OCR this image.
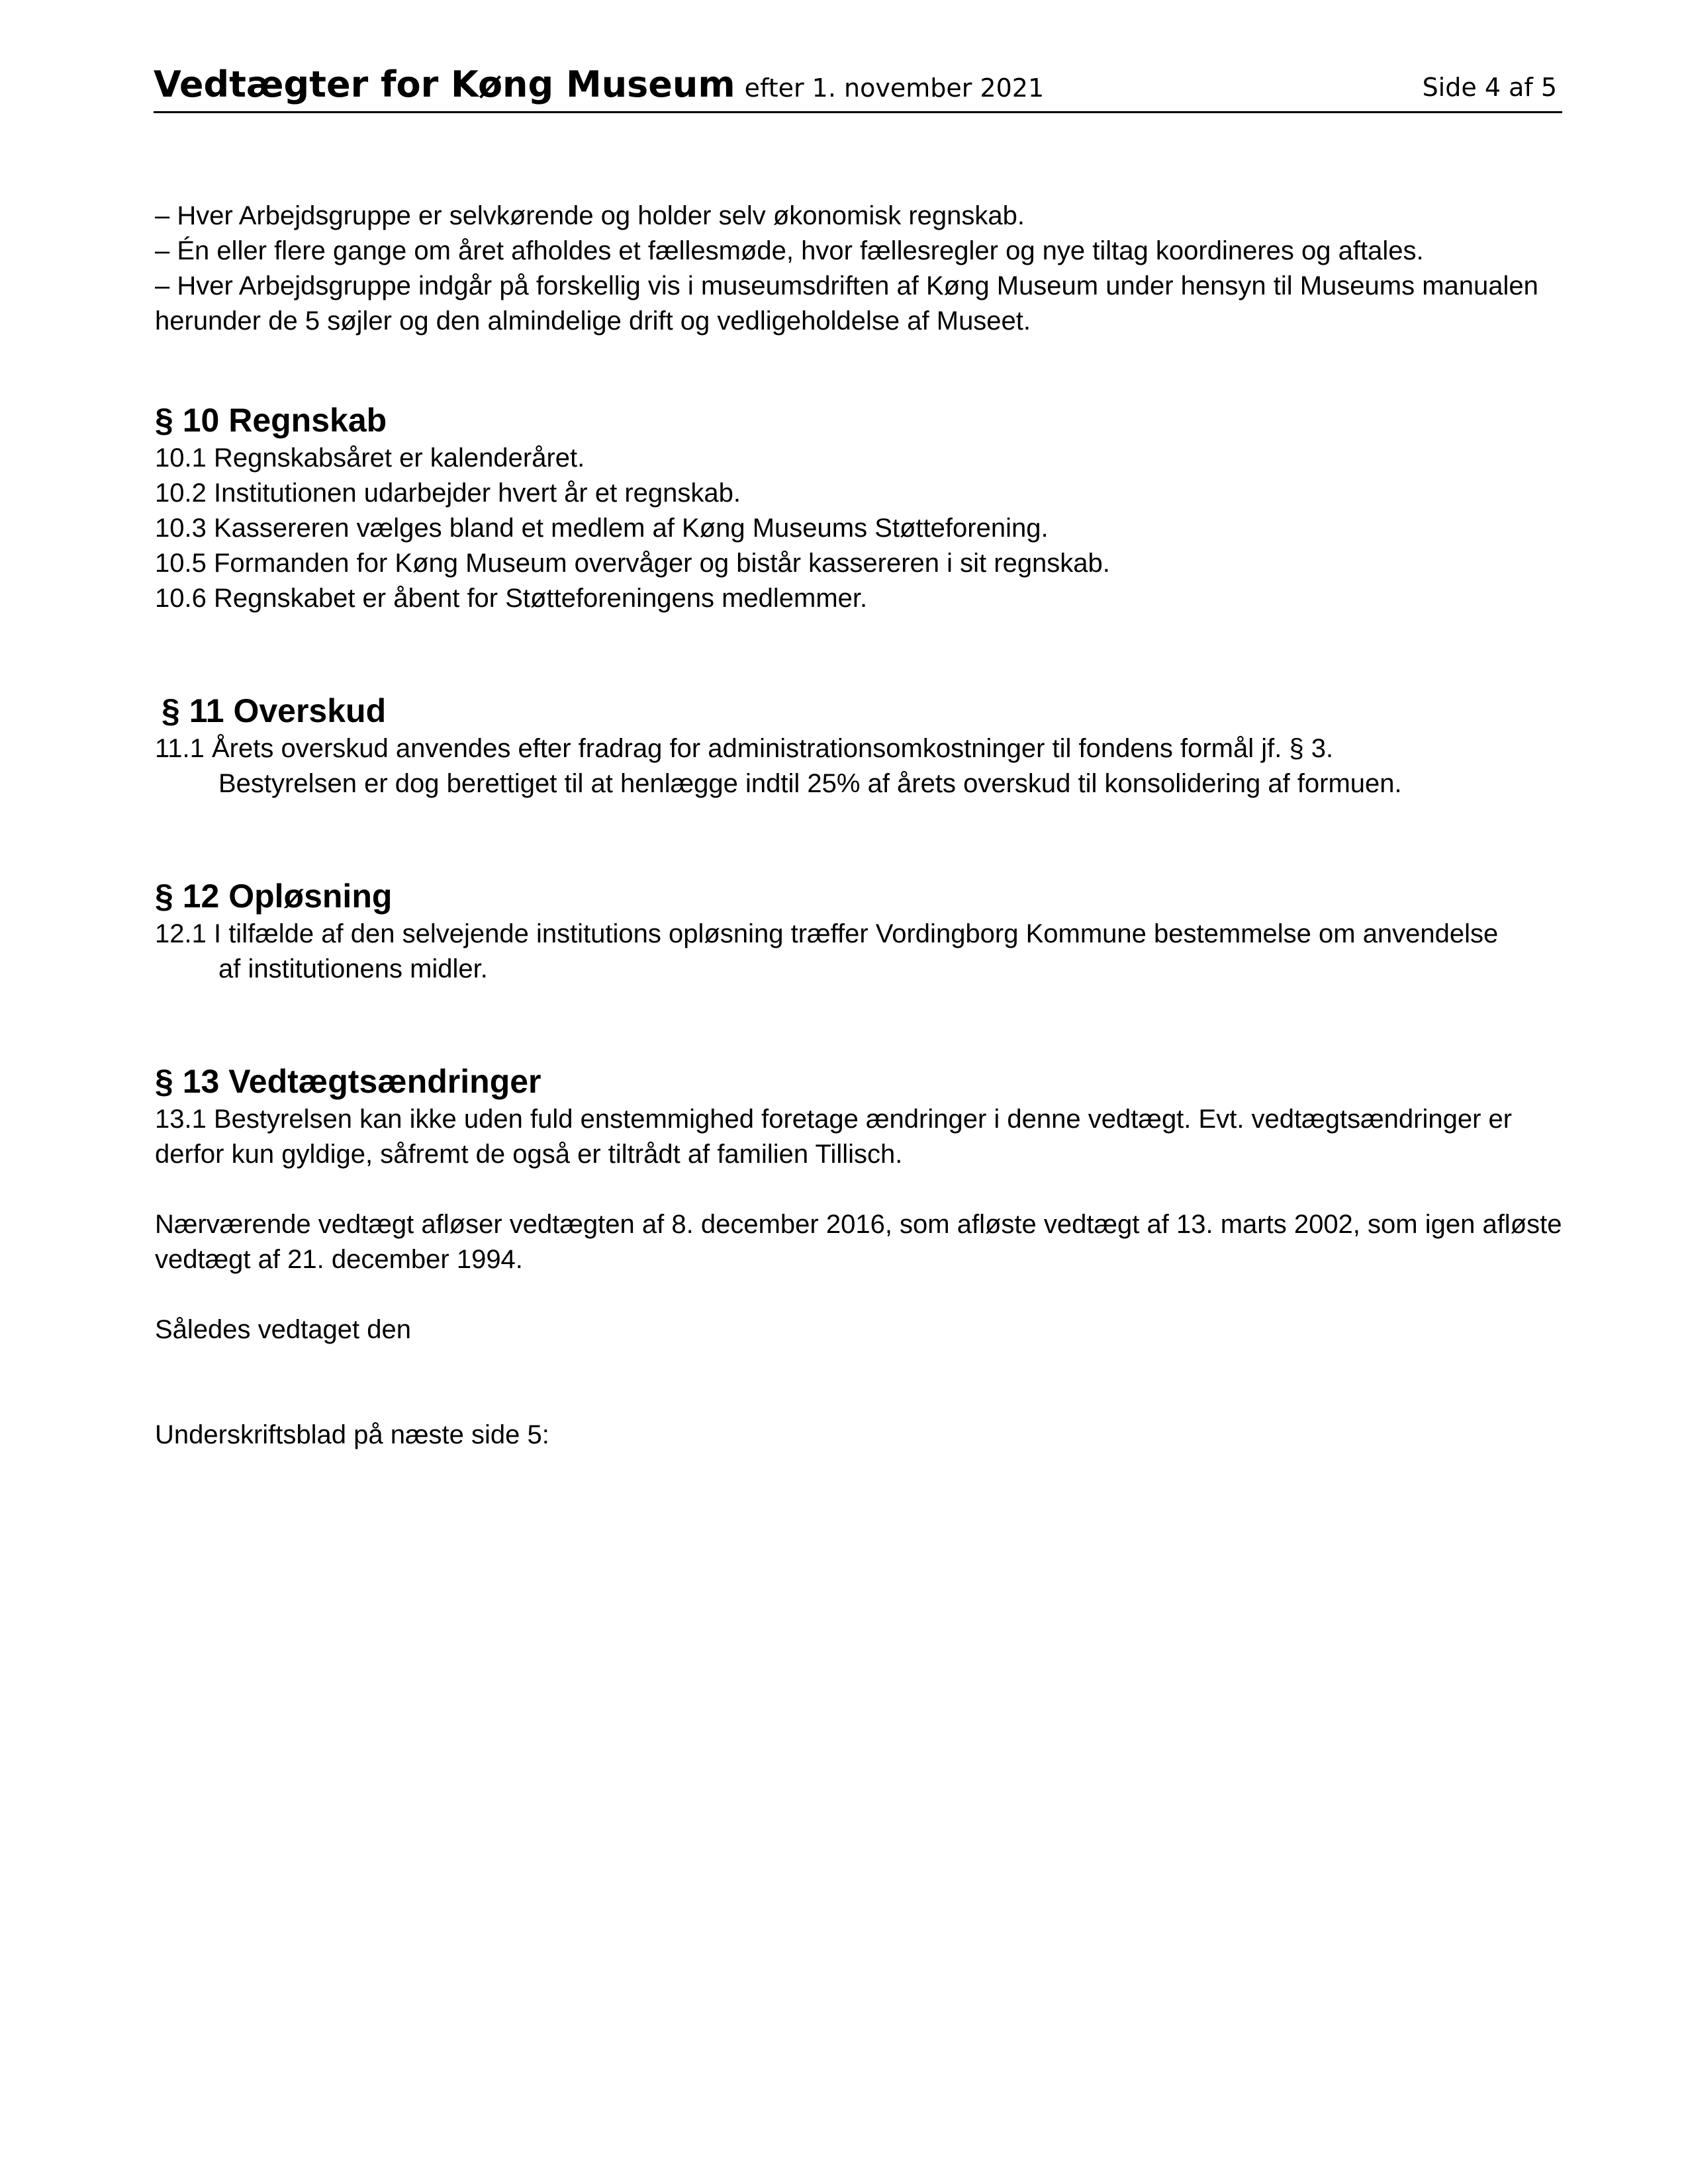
Vedtægter for Køng Museum efter 1. november 2021	Side 4 af 5

– Hver Arbejdsgruppe er selvkørende og holder selv økonomisk regnskab.

– Én eller flere gange om året afholdes et fællesmøde, hvor fællesregler og nye tiltag koordineres og aftales.

– Hver Arbejdsgruppe indgår på forskellig vis i museumsdriften af Køng Museum under hensyn til Museums manualen herunder de 5 søjler og den almindelige drift og vedligeholdelse af Museet.

§ 10 Regnskab

10.1 Regnskabsåret er kalenderåret.

10.2 Institutionen udarbejder hvert år et regnskab.

10.3 Kassereren vælges bland et medlem af Køng Museums Støtteforening.

10.5 Formanden for Køng Museum overvåger og bistår kassereren i sit regnskab.

10.6 Regnskabet er åbent for Støtteforeningens medlemmer.

§ 11 Overskud

11.1 Årets overskud anvendes efter fradrag for administrationsomkostninger til fondens formål jf. § 3.

Bestyrelsen er dog berettiget til at henlægge indtil 25% af årets overskud til konsolidering af formuen.

§ 12 Opløsning

12.1 I tilfælde af den selvejende institutions opløsning træffer Vordingborg Kommune bestemmelse om anvendelse

af institutionens midler.

§ 13 Vedtægtsændringer

13.1 Bestyrelsen kan ikke uden fuld enstemmighed foretage ændringer i denne vedtægt. Evt. vedtægtsændringer er derfor kun gyldige, såfremt de også er tiltrådt af familien Tillisch.

Nærværende vedtægt afløser vedtægten af 8. december 2016, som afløste vedtægt af 13. marts 2002, som igen afløste vedtægt af 21. december 1994.

Således vedtaget den

Underskriftsblad på næste side 5:
